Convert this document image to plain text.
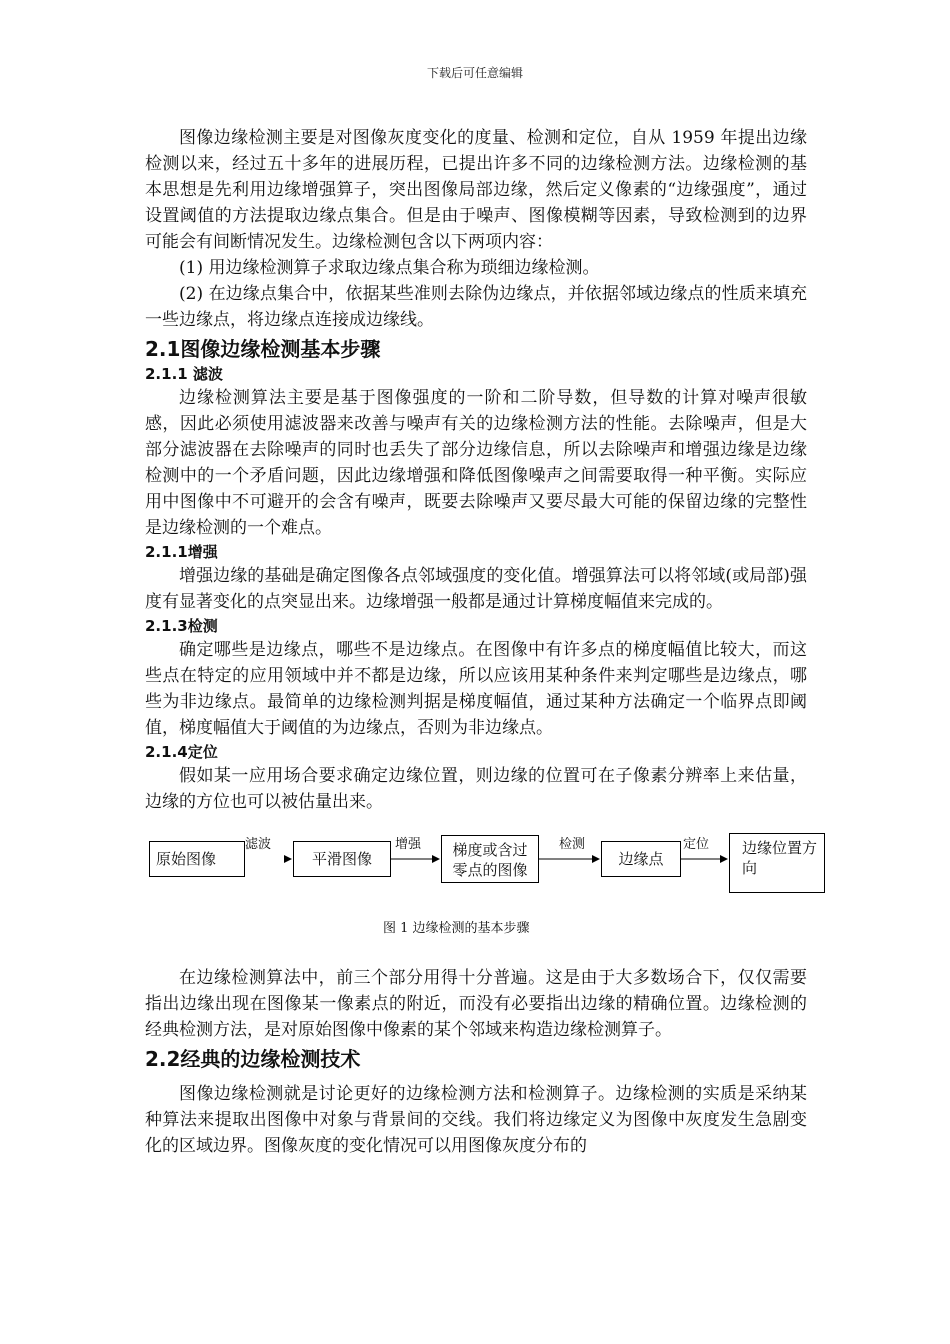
下载后可任意编辑

图像边缘检测主要是对图像灰度变化的度量、检测和定位，自从 1959 年提出边缘检测以来，经过五十多年的进展历程，已提出许多不同的边缘检测方法。边缘检测的基本思想是先利用边缘增强算子，突出图像局部边缘，然后定义像素的“边缘强度”，通过设置阈值的方法提取边缘点集合。但是由于噪声、图像模糊等因素，导致检测到的边界可能会有间断情况发生。边缘检测包含以下两项内容：

(1) 用边缘检测算子求取边缘点集合称为琐细边缘检测。

(2) 在边缘点集合中，依据某些准则去除伪边缘点，并依据邻域边缘点的性质来填充一些边缘点，将边缘点连接成边缘线。

2.1图像边缘检测基本步骤
2.1.1 滤波

边缘检测算法主要是基于图像强度的一阶和二阶导数，但导数的计算对噪声很敏感，因此必须使用滤波器来改善与噪声有关的边缘检测方法的性能。去除噪声，但是大部分滤波器在去除噪声的同时也丢失了部分边缘信息，所以去除噪声和增强边缘是边缘检测中的一个矛盾问题，因此边缘增强和降低图像噪声之间需要取得一种平衡。实际应用中图像中不可避开的会含有噪声，既要去除噪声又要尽最大可能的保留边缘的完整性是边缘检测的一个难点。

2.1.1增强

增强边缘的基础是确定图像各点邻域强度的变化值。增强算法可以将邻域(或局部)强度有显著变化的点突显出来。边缘增强一般都是通过计算梯度幅值来完成的。

2.1.3检测

确定哪些是边缘点，哪些不是边缘点。在图像中有许多点的梯度幅值比较大，而这些点在特定的应用领域中并不都是边缘，所以应该用某种条件来判定哪些是边缘点，哪些为非边缘点。最简单的边缘检测判据是梯度幅值，通过某种方法确定一个临界点即阈值，梯度幅值大于阈值的为边缘点，否则为非边缘点。

2.1.4定位

假如某一应用场合要求确定边缘位置，则边缘的位置可在子像素分辨率上来估量，边缘的方位也可以被估量出来。

原始图像	平滑图像	梯度或含过零点的图像
边缘点
边缘位置方向
滤波	增强	检测	定位
图 1 边缘检测的基本步骤

在边缘检测算法中，前三个部分用得十分普遍。这是由于大多数场合下，仅仅需要指出边缘出现在图像某一像素点的附近，而没有必要指出边缘的精确位置。边缘检测的经典检测方法，是对原始图像中像素的某个邻域来构造边缘检测算子。

2.2经典的边缘检测技术

图像边缘检测就是讨论更好的边缘检测方法和检测算子。边缘检测的实质是采纳某种算法来提取出图像中对象与背景间的交线。我们将边缘定义为图像中灰度发生急剧变化的区域边界。图像灰度的变化情况可以用图像灰度分布的
